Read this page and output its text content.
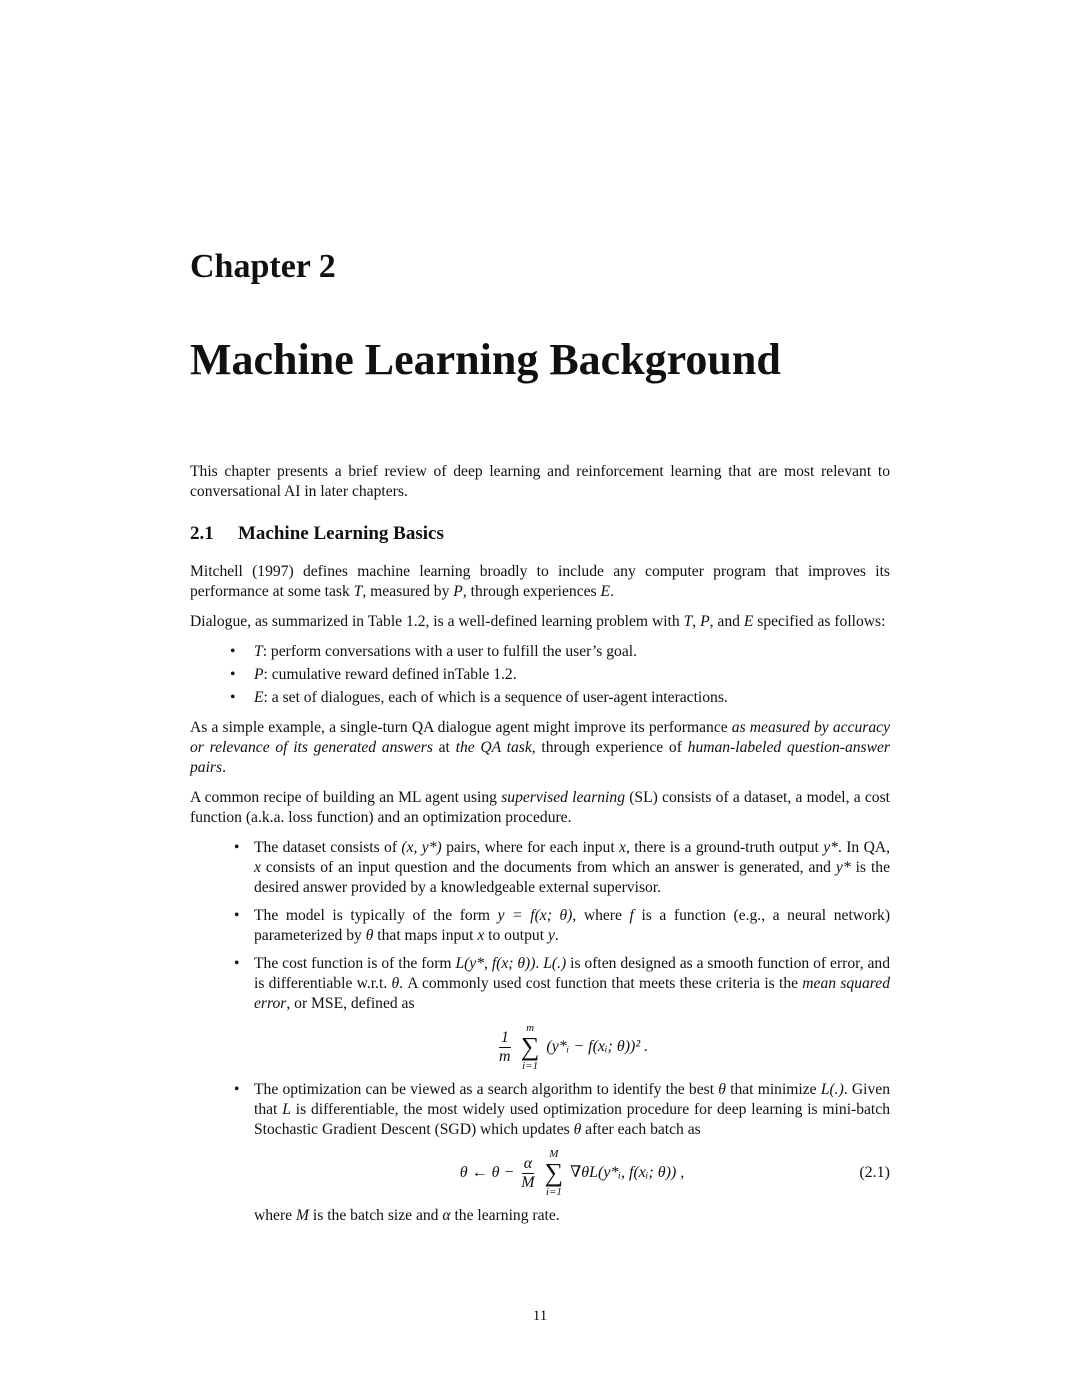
Chapter 2
Machine Learning Background

This chapter presents a brief review of deep learning and reinforcement learning that are most relevant to conversational AI in later chapters.

2.1 Machine Learning Basics

Mitchell (1997) defines machine learning broadly to include any computer program that improves its performance at some task T, measured by P, through experiences E.

Dialogue, as summarized in Table 1.2, is a well-defined learning problem with T, P, and E specified as follows:

• T: perform conversations with a user to fulfill the user’s goal.
• P: cumulative reward defined inTable 1.2.
• E: a set of dialogues, each of which is a sequence of user-agent interactions.

As a simple example, a single-turn QA dialogue agent might improve its performance as measured by accuracy or relevance of its generated answers at the QA task, through experience of human-labeled question-answer pairs.

A common recipe of building an ML agent using supervised learning (SL) consists of a dataset, a model, a cost function (a.k.a. loss function) and an optimization procedure.

• The dataset consists of (x, y*) pairs, where for each input x, there is a ground-truth output y*. In QA, x consists of an input question and the documents from which an answer is generated, and y* is the desired answer provided by a knowledgeable external supervisor.
• The model is typically of the form y = f(x; θ), where f is a function (e.g., a neural network) parameterized by θ that maps input x to output y.
• The cost function is of the form L(y*, f(x; θ)). L(.) is often designed as a smooth function of error, and is differentiable w.r.t. θ. A commonly used cost function that meets these criteria is the mean squared error, or MSE, defined as
$\frac{1}{m}$
m
∑
i=1
(y*ᵢ − f(xᵢ; θ))² .
• The optimization can be viewed as a search algorithm to identify the best θ that minimize L(.). Given that L is differentiable, the most widely used optimization procedure for deep learning is mini-batch Stochastic Gradient Descent (SGD) which updates θ after each batch as
θ ← $\theta - \frac{\alpha}{M}$
M
∑
i=1
∇θL(y*ᵢ, f(xᵢ; θ)) ,	(2.1)
where M is the batch size and α the learning rate.
11
